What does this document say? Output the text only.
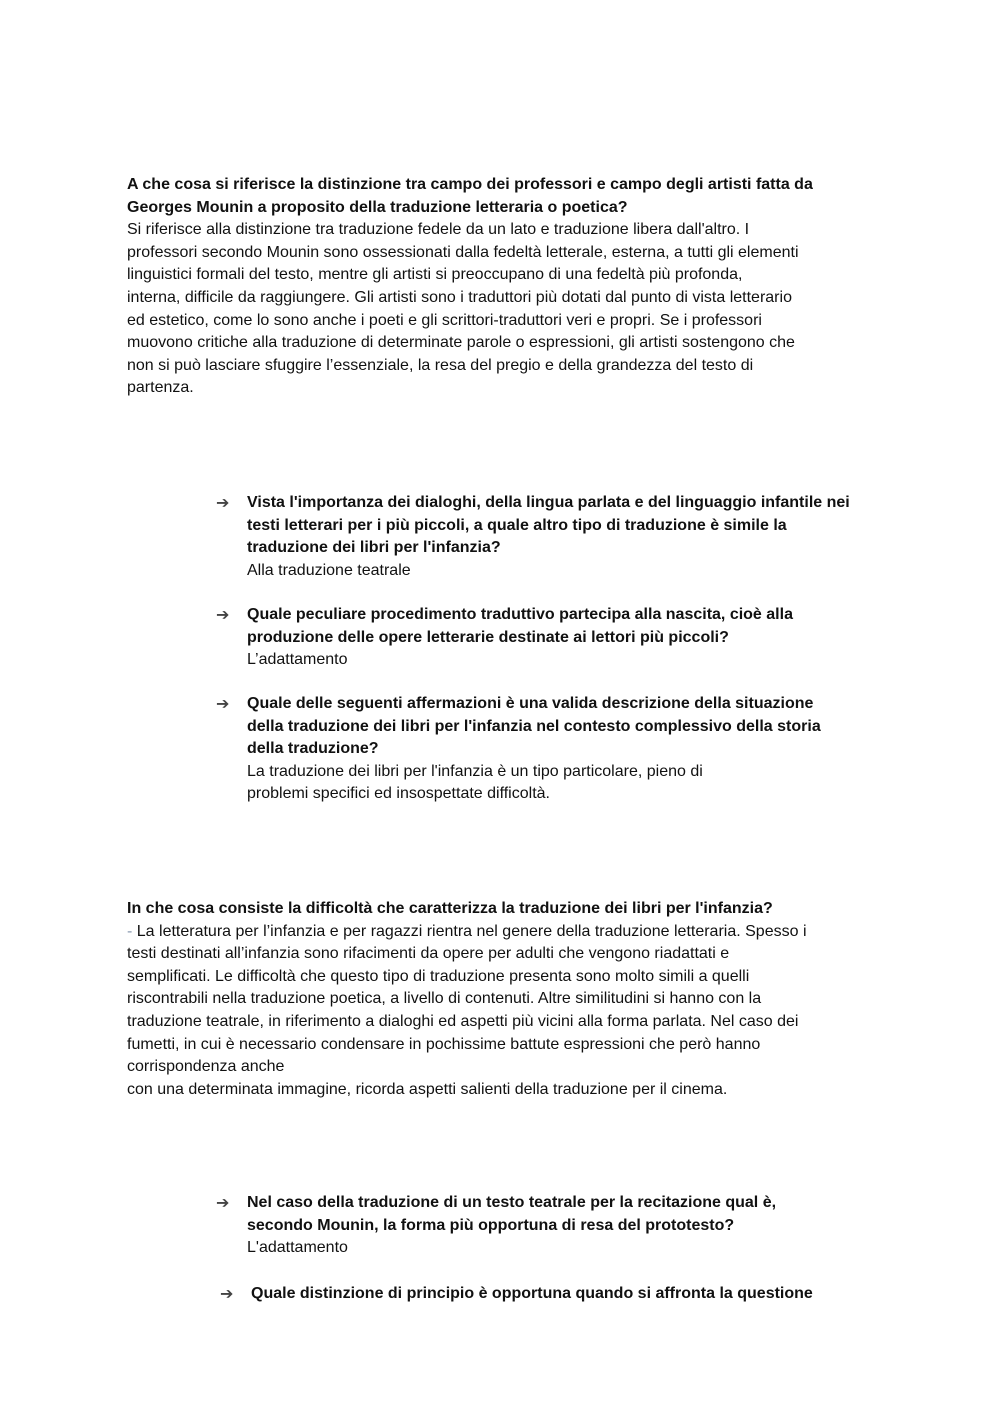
A che cosa si riferisce la distinzione tra campo dei professori e campo degli artisti fatta da
Georges Mounin a proposito della traduzione letteraria o poetica?

Si riferisce alla distinzione tra traduzione fedele da un lato e traduzione libera dall'altro. I
professori secondo Mounin sono ossessionati dalla fedeltà letterale, esterna, a tutti gli elementi
linguistici formali del testo, mentre gli artisti si preoccupano di una fedeltà più profonda,
interna, difficile da raggiungere. Gli artisti sono i traduttori più dotati dal punto di vista letterario
ed estetico, come lo sono anche i poeti e gli scrittori-traduttori veri e propri. Se i professori
muovono critiche alla traduzione di determinate parole o espressioni, gli artisti sostengono che
non si può lasciare sfuggire l’essenziale, la resa del pregio e della grandezza del testo di
partenza.

➔	Vista l'importanza dei dialoghi, della lingua parlata e del linguaggio infantile nei
testi letterari per i più piccoli, a quale altro tipo di traduzione è simile la
traduzione dei libri per l'infanzia?

Alla traduzione teatrale

➔	Quale peculiare procedimento traduttivo partecipa alla nascita, cioè alla
produzione delle opere letterarie destinate ai lettori più piccoli?

L’adattamento

➔	Quale delle seguenti affermazioni è una valida descrizione della situazione
della traduzione dei libri per l'infanzia nel contesto complessivo della storia
della traduzione?

La traduzione dei libri per l'infanzia è un tipo particolare, pieno di
problemi specifici ed insospettate difficoltà.

In che cosa consiste la difficoltà che caratterizza la traduzione dei libri per l'infanzia?

- La letteratura per l’infanzia e per ragazzi rientra nel genere della traduzione letteraria. Spesso i
testi destinati all’infanzia sono rifacimenti da opere per adulti che vengono riadattati e
semplificati. Le difficoltà che questo tipo di traduzione presenta sono molto simili a quelli
riscontrabili nella traduzione poetica, a livello di contenuti. Altre similitudini si hanno con la
traduzione teatrale, in riferimento a dialoghi ed aspetti più vicini alla forma parlata. Nel caso dei
fumetti, in cui è necessario condensare in pochissime battute espressioni che però hanno
corrispondenza anche
con una determinata immagine, ricorda aspetti salienti della traduzione per il cinema.

➔	Nel caso della traduzione di un testo teatrale per la recitazione qual è,
secondo Mounin, la forma più opportuna di resa del prototesto?

L'adattamento

➔	Quale distinzione di principio è opportuna quando si affronta la questione
